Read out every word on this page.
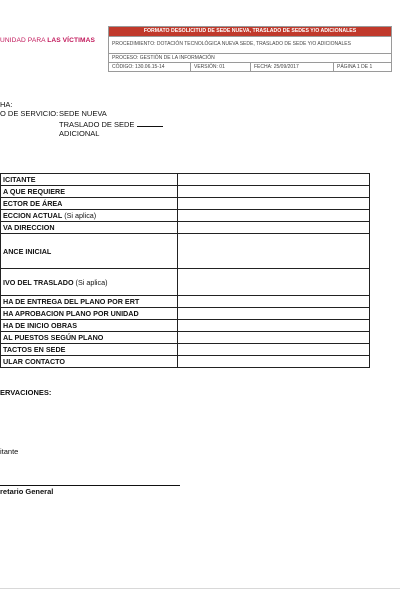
UNIDAD PARA LAS VÍCTIMAS
FORMATO DESOLICITUD DE SEDE NUEVA, TRASLADO DE SEDES Y/O ADICIONALES
PROCEDIMIENTO: DOTACIÓN TECNOLÓGICA NUEVA SEDE, TRASLADO DE SEDE Y/O ADICIONALES
PROCESO: GESTIÓN DE LA INFORMACIÓN
CÓDIGO: 130.06.15-14	VERSIÓN: 01	FECHA: 25/09/2017	PÁGINA 1 DE 1
HA:
O DE SERVICIO: SEDE NUEVA
TRASLADO DE SEDE
ADICIONAL
ICITANTE	
A QUE REQUIERE	
ECTOR DE ÁREA	
ECCION ACTUAL (Si aplica)	
VA DIRECCION	
ANCE INICIAL	
IVO DEL TRASLADO (Si aplica)	
HA DE ENTREGA DEL PLANO POR ERT	
HA APROBACION PLANO POR UNIDAD	
HA DE INICIO OBRAS	
AL PUESTOS SEGÚN PLANO	
TACTOS EN SEDE	
ULAR CONTACTO	
ERVACIONES:
itante
retario General
